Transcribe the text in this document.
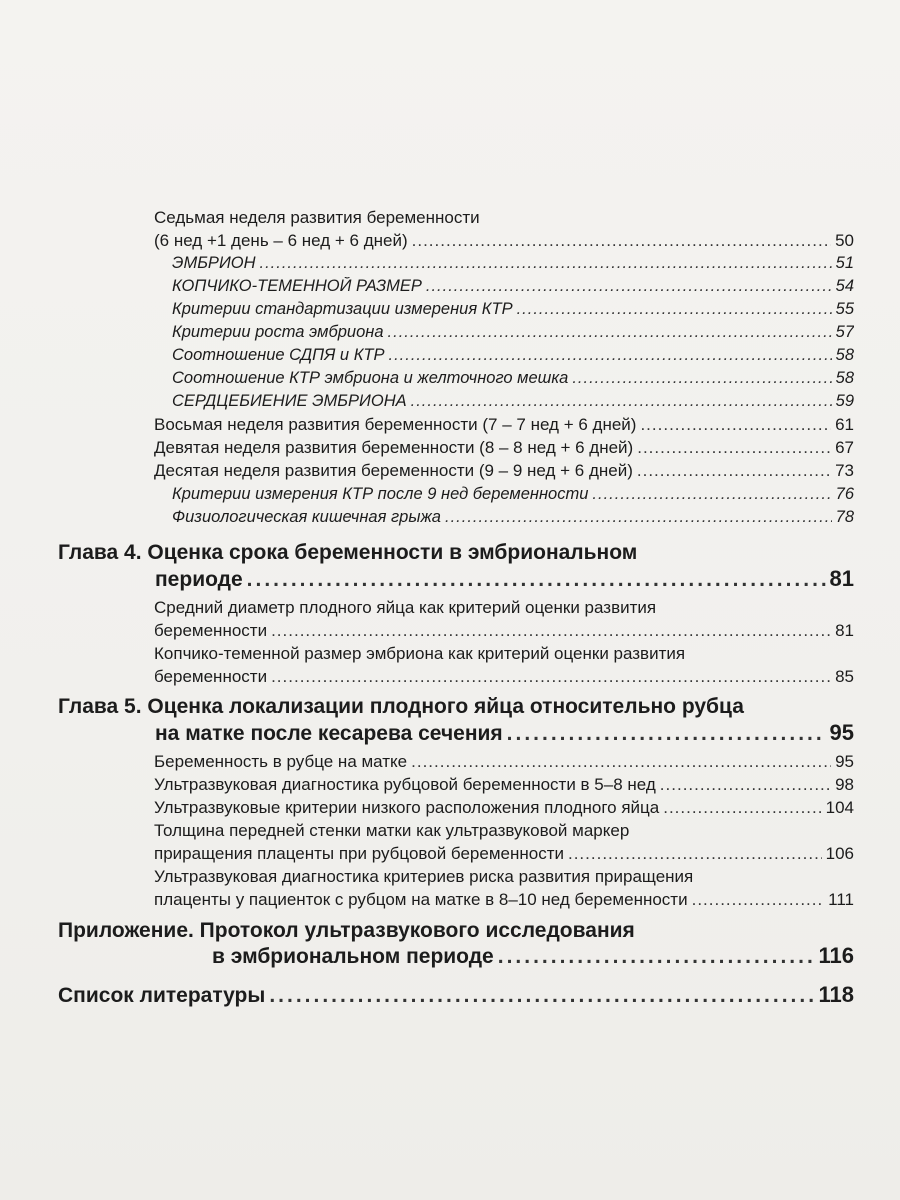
Седьмая неделя развития беременности
(6 нед +1 день – 6 нед + 6 дней) .....	50
ЭМБРИОН .....	51
КОПЧИКО-ТЕМЕННОЙ РАЗМЕР .....	54
Критерии стандартизации измерения КТР .....	55
Критерии роста эмбриона .....	57
Соотношение СДПЯ и КТР .....	58
Соотношение КТР эмбриона и желточного мешка .....	58
СЕРДЦЕБИЕНИЕ ЭМБРИОНА .....	59
Восьмая неделя развития беременности (7 – 7 нед + 6 дней) .....	61
Девятая неделя развития беременности (8 – 8 нед + 6 дней) .....	67
Десятая неделя развития беременности (9 – 9 нед + 6 дней) .....	73
Критерии измерения КТР после 9 нед беременности .....	76
Физиологическая кишечная грыжа .....	78
Глава 4. Оценка срока беременности в эмбриональном
периоде .....	81
Средний диаметр плодного яйца как критерий оценки развития
беременности .....	81
Копчико-теменной размер эмбриона как критерий оценки развития
беременности .....	85
Глава 5. Оценка локализации плодного яйца относительно рубца
на матке после кесарева сечения .....	95
Беременность в рубце на матке .....	95
Ультразвуковая диагностика рубцовой беременности в 5–8 нед .....	98
Ультразвуковые критерии низкого расположения плодного яйца .....	104
Толщина передней стенки матки как ультразвуковой маркер
приращения плаценты при рубцовой беременности .....	106
Ультразвуковая диагностика критериев риска развития приращения
плаценты у пациенток с рубцом на матке в 8–10 нед беременности .....	111
Приложение. Протокол ультразвукового исследования
в эмбриональном периоде .....	116
Список литературы .....	118
